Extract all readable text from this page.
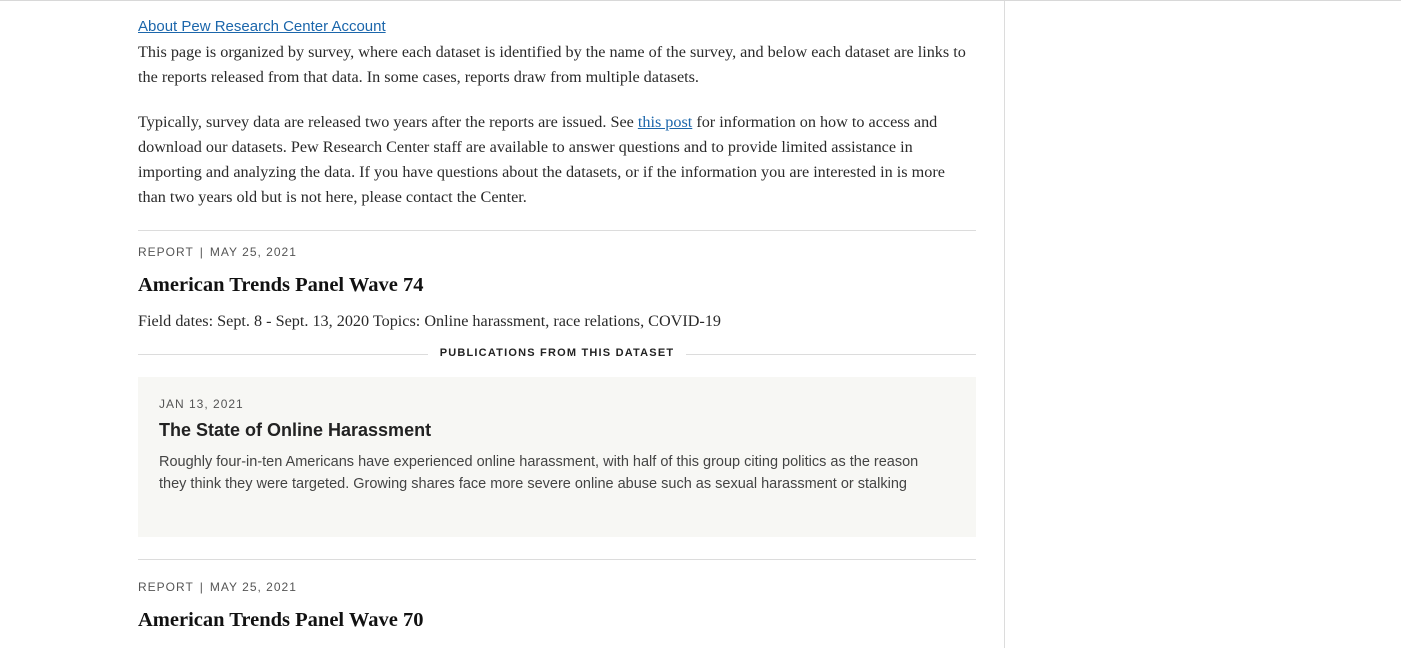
About Pew Research Center Account

This page is organized by survey, where each dataset is identified by the name of the survey, and below each dataset are links to the reports released from that data. In some cases, reports draw from multiple datasets.

Typically, survey data are released two years after the reports are issued. See this post for information on how to access and download our datasets. Pew Research Center staff are available to answer questions and to provide limited assistance in importing and analyzing the data. If you have questions about the datasets, or if the information you are interested in is more than two years old but is not here, please contact the Center.

REPORT | MAY 25, 2021
American Trends Panel Wave 74

Field dates: Sept. 8 - Sept. 13, 2020 Topics: Online harassment, race relations, COVID-19

PUBLICATIONS FROM THIS DATASET
JAN 13, 2021
The State of Online Harassment

Roughly four-in-ten Americans have experienced online harassment, with half of this group citing politics as the reason they think they were targeted. Growing shares face more severe online abuse such as sexual harassment or stalking

REPORT | MAY 25, 2021
American Trends Panel Wave 70
